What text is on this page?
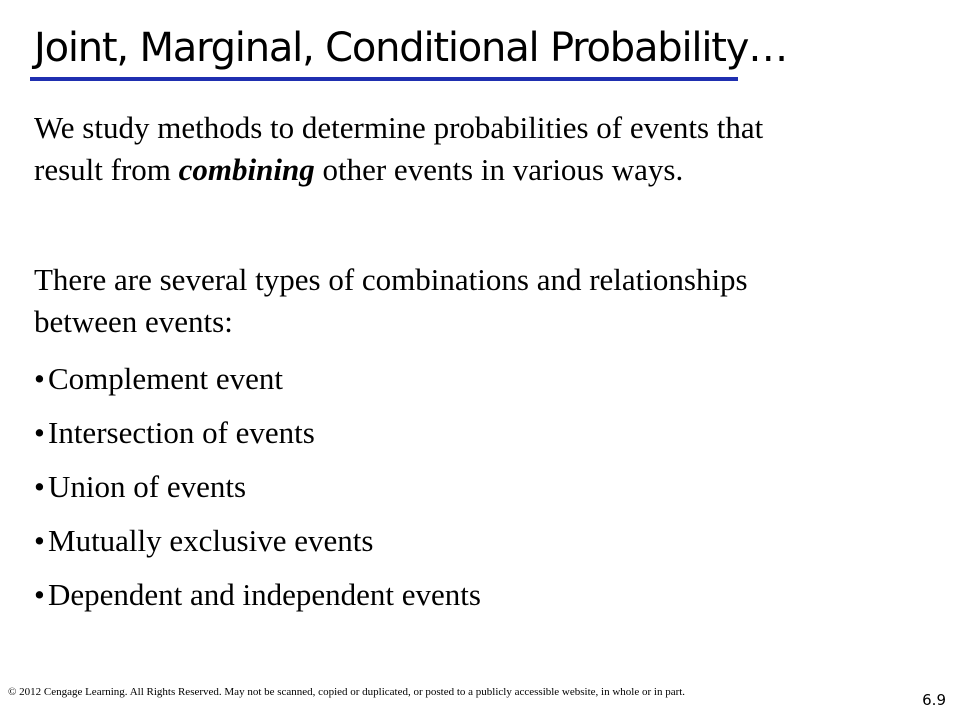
Joint, Marginal, Conditional Probability…

We study methods to determine probabilities of events that
result from combining other events in various ways.

There are several types of combinations and relationships
between events:

• Complement event
• Intersection of events
• Union of events
• Mutually exclusive events
• Dependent and independent events
© 2012 Cengage Learning. All Rights Reserved. May not be scanned, copied or duplicated, or posted to a publicly accessible website, in whole or in part.	6.9
